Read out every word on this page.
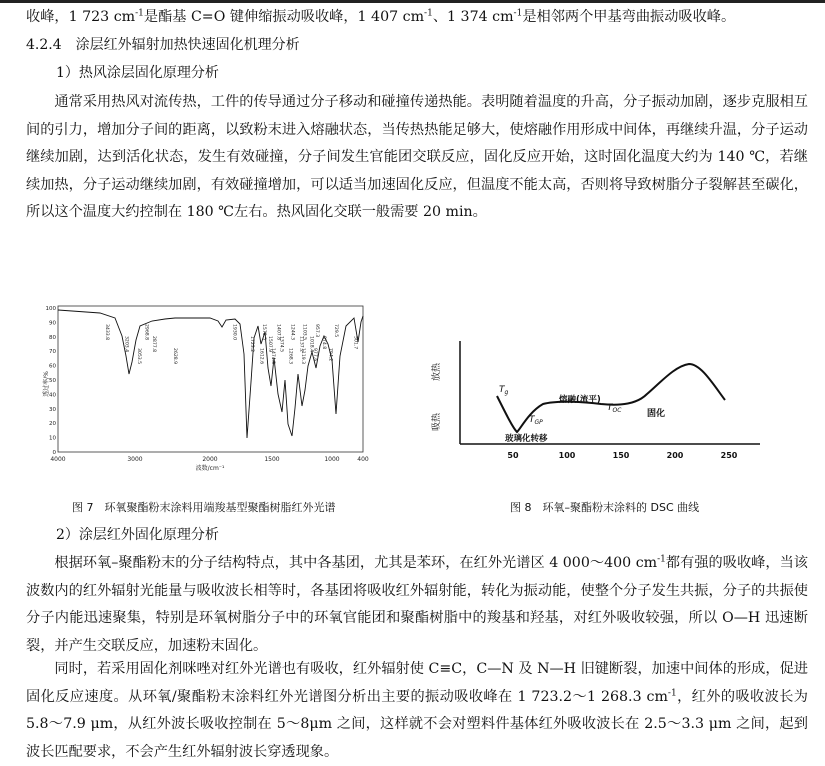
收峰，1 723 $cm^{-1}$是酯基 C=O 键伸缩振动吸收峰，1 407 $cm^{-1}$、1 374 $cm^{-1}$是相邻两个甲基弯曲振动吸收峰。

4.2.4　涂层红外辐射加热快速固化机理分析

1）热风涂层固化原理分析

通常采用热风对流传热，工件的传导通过分子移动和碰撞传递热能。表明随着温度的升高，分子振动加剧，逐步克服相互间的引力，增加分子间的距离，以致粉末进入熔融状态，当传热热能足够大，使熔融作用形成中间体，再继续升温，分子运动继续加剧，达到活化状态，发生有效碰撞，分子间发生官能团交联反应，固化反应开始，这时固化温度大约为 140 ℃，若继续加热，分子运动继续加剧，有效碰撞增加，可以适当加速固化反应，但温度不能太高，否则将导致树脂分子裂解甚至碳化，所以这个温度大约控制在 180 ℃左右。热风固化交联一般需要 20 min。

100
90
80
70
60
50
40
30
20
10
0
4000	3000	2000	1500	1000	400
透过率/%
波数/cm⁻¹
3433.8
3203.4
3053.5
2968.8
2877.8
2628.9
1930.0
1723.2
1612.6
1578.5
1507.9
1474.5
1407.8
1374.5
1268.3
1244.3
1137.2
1119.3
1103.5
1018.4
977.6
957.3
874.8
794.2
729.5
501.7

图 7　环氧聚酯粉末涂料用端羧基型聚酯树脂红外光谱

放热
吸热
50	100	150	200	250
$T_g$
熔融(流平)
$T_{GP}$
$T_{OC}$	固化
玻璃化转移

图 8　环氧–聚酯粉末涂料的 DSC 曲线

2）涂层红外固化原理分析

根据环氧–聚酯粉末的分子结构特点，其中各基团，尤其是苯环，在红外光谱区 4 000～400 $cm^{-1}$都有强的吸收峰，当该波数内的红外辐射光能量与吸收波长相等时，各基团将吸收红外辐射能，转化为振动能，使整个分子发生共振，分子的共振使分子内能迅速聚集，特别是环氧树脂分子中的环氧官能团和聚酯树脂中的羧基和羟基，对红外吸收较强，所以 O—H 迅速断裂，并产生交联反应，加速粉末固化。

同时，若采用固化剂咪唑对红外光谱也有吸收，红外辐射使 C≡C，C—N 及 N—H 旧键断裂，加速中间体的形成，促进固化反应速度。从环氧/聚酯粉末涂料红外光谱图分析出主要的振动吸收峰在 1 723.2～1 268.3 $cm^{-1}$，红外的吸收波长为 5.8～7.9 μm，从红外波长吸收控制在 5～8μm 之间，这样就不会对塑料件基体红外吸收波长在 2.5～3.3 μm 之间，起到波长匹配要求，不会产生红外辐射波长穿透现象。
